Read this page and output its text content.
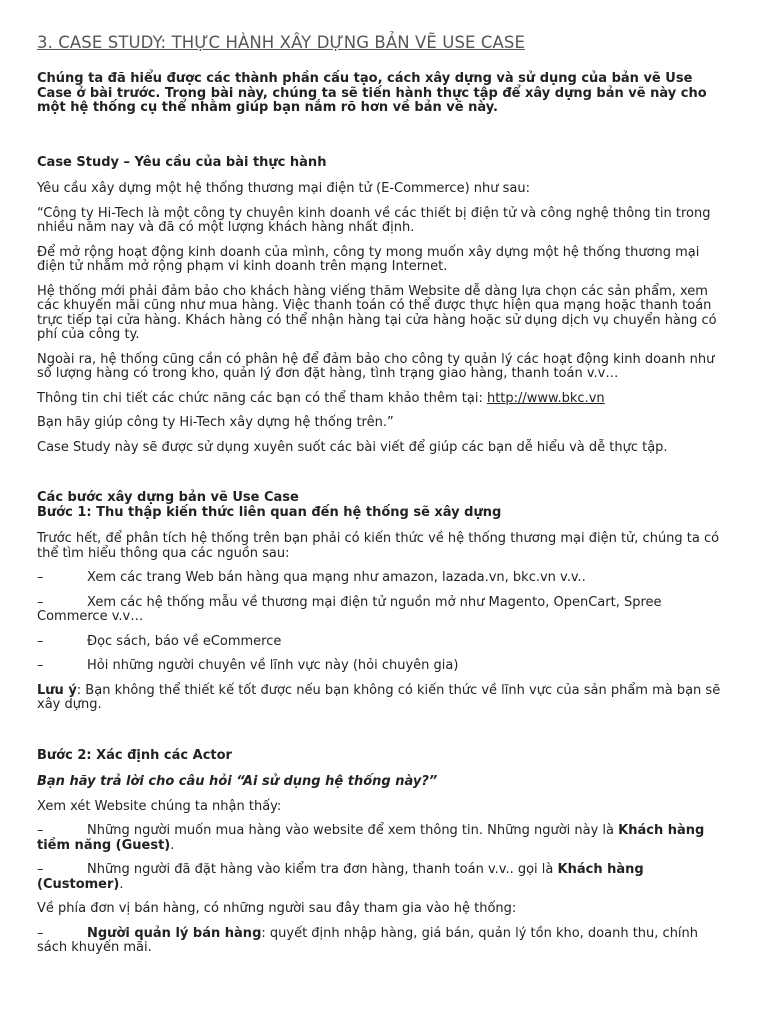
3. CASE STUDY: THỰC HÀNH XÂY DỰNG BẢN VẼ USE CASE

Chúng ta đã hiểu được các thành phần cấu tạo, cách xây dựng và sử dụng của bản vẽ Use Case ở bài trước. Trong bài này, chúng ta sẽ tiến hành thực tập để xây dựng bản vẽ này cho một hệ thống cụ thể nhằm giúp bạn nắm rõ hơn về bản vẽ này.

Case Study – Yêu cầu của bài thực hành

Yêu cầu xây dựng một hệ thống thương mại điện tử (E-Commerce) như sau:

“Công ty Hi-Tech là một công ty chuyên kinh doanh về các thiết bị điện tử và công nghệ thông tin trong nhiều năm nay và đã có một lượng khách hàng nhất định.

Để mở rộng hoạt động kinh doanh của mình, công ty mong muốn xây dựng một hệ thống thương mại điện tử nhằm mở rộng phạm vi kinh doanh trên mạng Internet.

Hệ thống mới phải đảm bảo cho khách hàng viếng thăm Website dễ dàng lựa chọn các sản phẩm, xem các khuyến mãi cũng như mua hàng. Việc thanh toán có thể được thực hiện qua mạng hoặc thanh toán trực tiếp tại cửa hàng. Khách hàng có thể nhận hàng tại cửa hàng hoặc sử dụng dịch vụ chuyển hàng có phí của công ty.

Ngoài ra, hệ thống cũng cần có phân hệ để đảm bảo cho công ty quản lý các hoạt động kinh doanh như số lượng hàng có trong kho, quản lý đơn đặt hàng, tình trạng giao hàng, thanh toán v.v…

Thông tin chi tiết các chức năng các bạn có thể tham khảo thêm tại: http://www.bkc.vn

Bạn hãy giúp công ty Hi-Tech xây dựng hệ thống trên.”

Case Study này sẽ được sử dụng xuyên suốt các bài viết để giúp các bạn dễ hiểu và dễ thực tập.

Các bước xây dựng bản vẽ Use Case

Bước 1: Thu thập kiến thức liên quan đến hệ thống sẽ xây dựng

Trước hết, để phân tích hệ thống trên bạn phải có kiến thức về hệ thống thương mại điện tử, chúng ta có thể tìm hiểu thông qua các nguồn sau:

–	Xem các trang Web bán hàng qua mạng như amazon, lazada.vn, bkc.vn v.v..

–	Xem các hệ thống mẫu về thương mại điện tử nguồn mở như Magento, OpenCart, Spree Commerce v.v…

–	Đọc sách, báo về eCommerce

–	Hỏi những người chuyên về lĩnh vực này (hỏi chuyên gia)

Lưu ý: Bạn không thể thiết kế tốt được nếu bạn không có kiến thức về lĩnh vực của sản phẩm mà bạn sẽ xây dựng.

Bước 2: Xác định các Actor

Bạn hãy trả lời cho câu hỏi “Ai sử dụng hệ thống này?”

Xem xét Website chúng ta nhận thấy:

–	Những người muốn mua hàng vào website để xem thông tin. Những người này là Khách hàng tiềm năng (Guest).

–	Những người đã đặt hàng vào kiểm tra đơn hàng, thanh toán v.v.. gọi là Khách hàng (Customer).

Về phía đơn vị bán hàng, có những người sau đây tham gia vào hệ thống:

–	Người quản lý bán hàng: quyết định nhập hàng, giá bán, quản lý tồn kho, doanh thu, chính sách khuyến mãi.
